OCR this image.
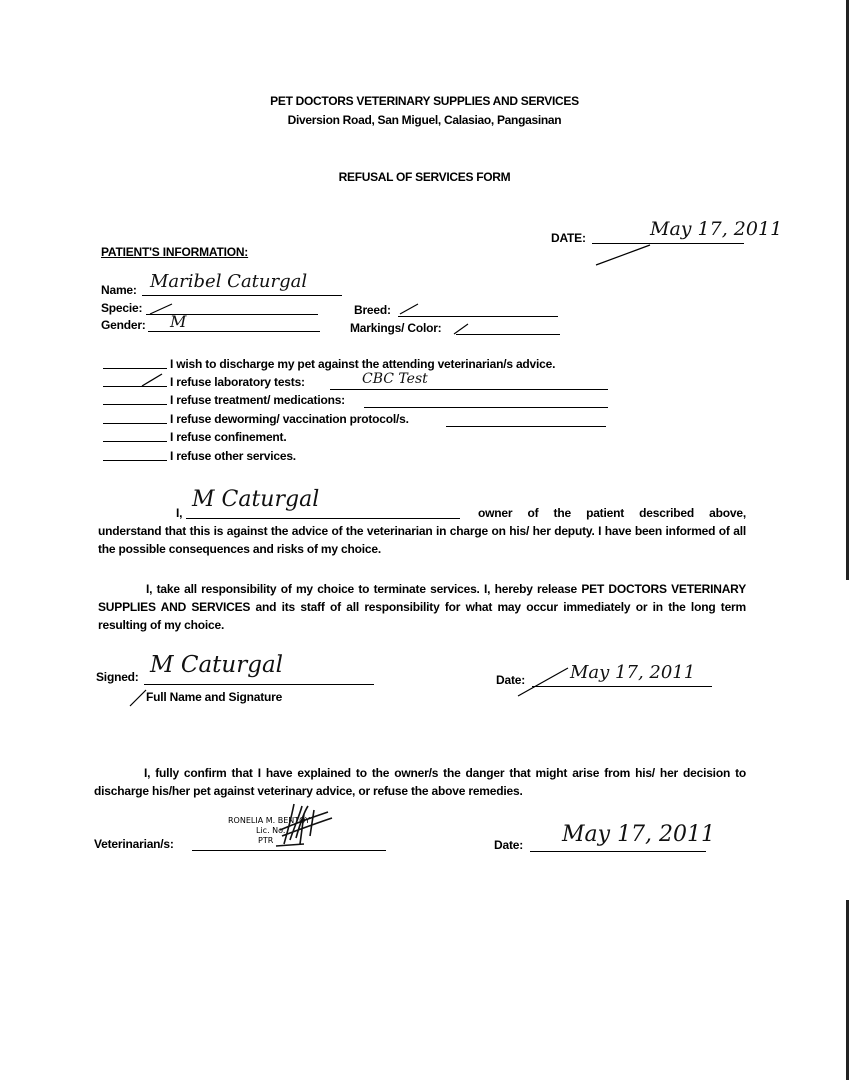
PET DOCTORS VETERINARY SUPPLIES AND SERVICES
Diversion Road, San Miguel, Calasiao, Pangasinan
REFUSAL OF SERVICES FORM
DATE:	May 17, 2011
PATIENT'S INFORMATION:
Name: Maribel Caturgal
Specie:
Gender: M
Breed:
Markings/ Color:
I wish to discharge my pet against the attending veterinarian/s advice.
I refuse laboratory tests:	CBC Test
I refuse treatment/ medications:
I refuse deworming/ vaccination protocol/s.
I refuse confinement.
I refuse other services.
I,
M Caturgal
owner of the patient described above,
understand that this is against the advice of the veterinarian in charge on his/ her deputy. I have been informed of all the possible consequences and risks of my choice.
I, take all responsibility of my choice to terminate services. I, hereby release PET DOCTORS VETERINARY SUPPLIES AND SERVICES and its staff of all responsibility for what may occur immediately or in the long term resulting of my choice.
Signed: M Caturgal
Full Name and Signature
Date: May 17, 2011
I, fully confirm that I have explained to the owner/s the danger that might arise from his/ her decision to discharge his/her pet against veterinary advice, or refuse the above remedies.
Veterinarian/s:
RONELIA M. BENTOY
Lic. No.
PTR	Date: May 17, 2011
